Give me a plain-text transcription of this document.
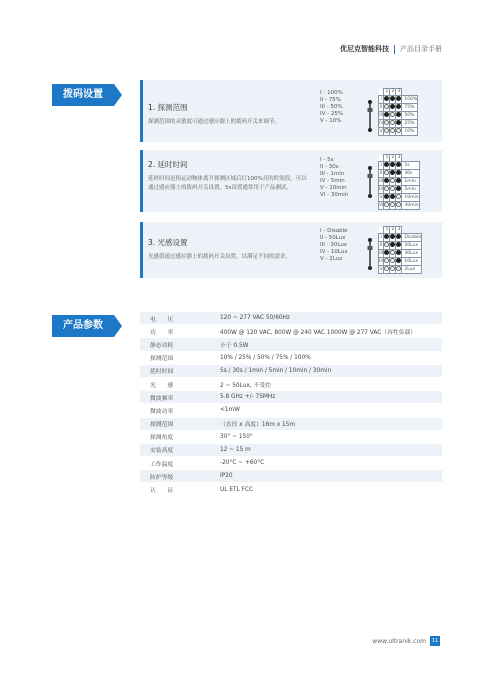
优尼克智能科技 产品目录手册
拨码设置
1. 探测范围
探测范围的灵敏度可通过感应器上的拨码开关来调节。
I - 100%
II - 75%
III - 50%
IV - 25%
V - 10%
	1	2	3	
I				100%
II				75%
III				50%
IV				25%
V				10%
2. 延时时间
延时时间是指运动物体离开探测区域后灯100%亮的时间段，可以通过感应器上的拨码开关设置。5s设置通常用于产品测试。
I - 5s
II - 30s
III - 1min
IV - 5min
V - 10min
VI - 30min
	1	2	3	
I				5s
II				30s
III				1min
IV				5min
V				10min
VI				30min
3. 光感设置
光感值通过感应器上的拨码开关设置，以满足不同的需求。
I - Disable
II - 50Lux
III - 30Lux
IV - 10Lux
V - 2Lux
	1	2	3	
I				Disable
II				50Lux
III				30Lux
IV				10Lux
V				2Lux
产品参数
电　　压	120 ~ 277 VAC 50/60Hz
功　　率	400W @ 120 VAC, 800W @ 240 VAC 1000W @ 277 VAC（容性负载）
静态功耗	小于 0.5W
探测范围	10% / 25% / 50% / 75% / 100%
延时时间	5s / 30s / 1min / 5min / 10min / 30min
光　　感	2 ~ 50Lux, 不受控
微波频率	5.8 GHz +/- 75MHz
微波功率	<1mW
探测范围	（直径 x 高度）16m x 15m
探测角度	30° ~ 150°
安装高度	12 ~ 15 m
工作温度	-20°C ~ +60°C
防护等级	IP20
认　　证	UL ETL FCC
www.ultranik.com	11
